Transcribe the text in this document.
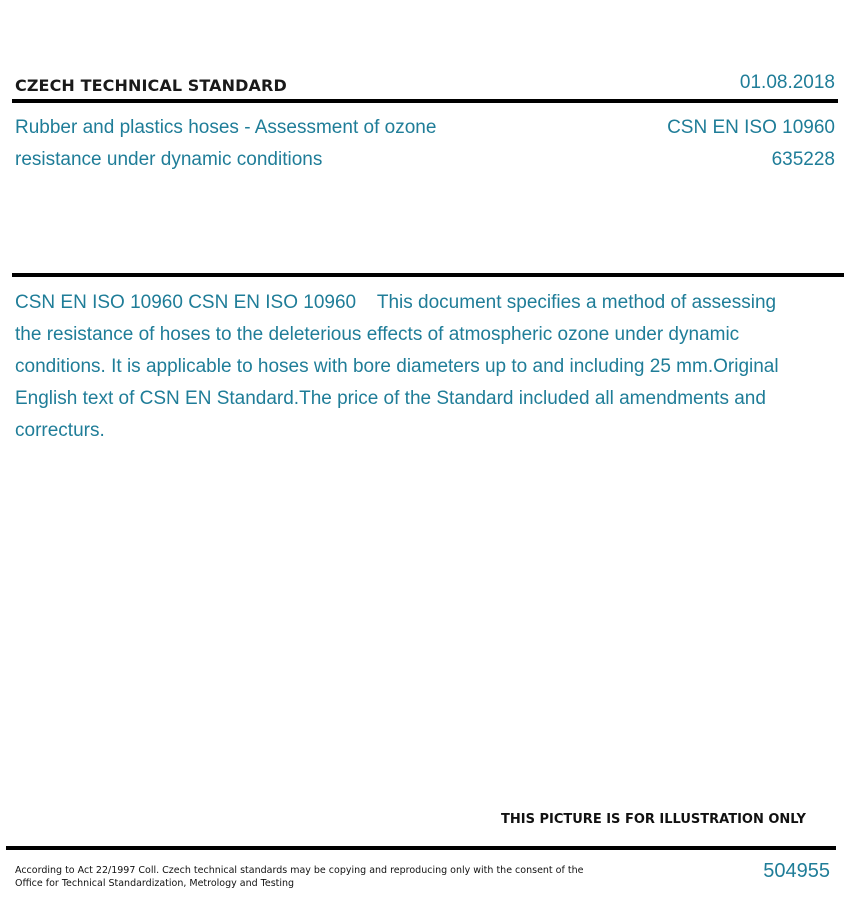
CZECH TECHNICAL STANDARD	01.08.2018
Rubber and plastics hoses - Assessment of ozone resistance under dynamic conditions
CSN EN ISO 10960
635228
CSN EN ISO 10960 CSN EN ISO 10960    This document specifies a method of assessing the resistance of hoses to the deleterious effects of atmospheric ozone under dynamic conditions. It is applicable to hoses with bore diameters up to and including 25 mm.Original English text of CSN EN Standard.The price of the Standard included all amendments and correcturs.
THIS PICTURE IS FOR ILLUSTRATION ONLY
According to Act 22/1997 Coll. Czech technical standards may be copying and reproducing only with the consent of the Office for Technical Standardization, Metrology and Testing
504955
